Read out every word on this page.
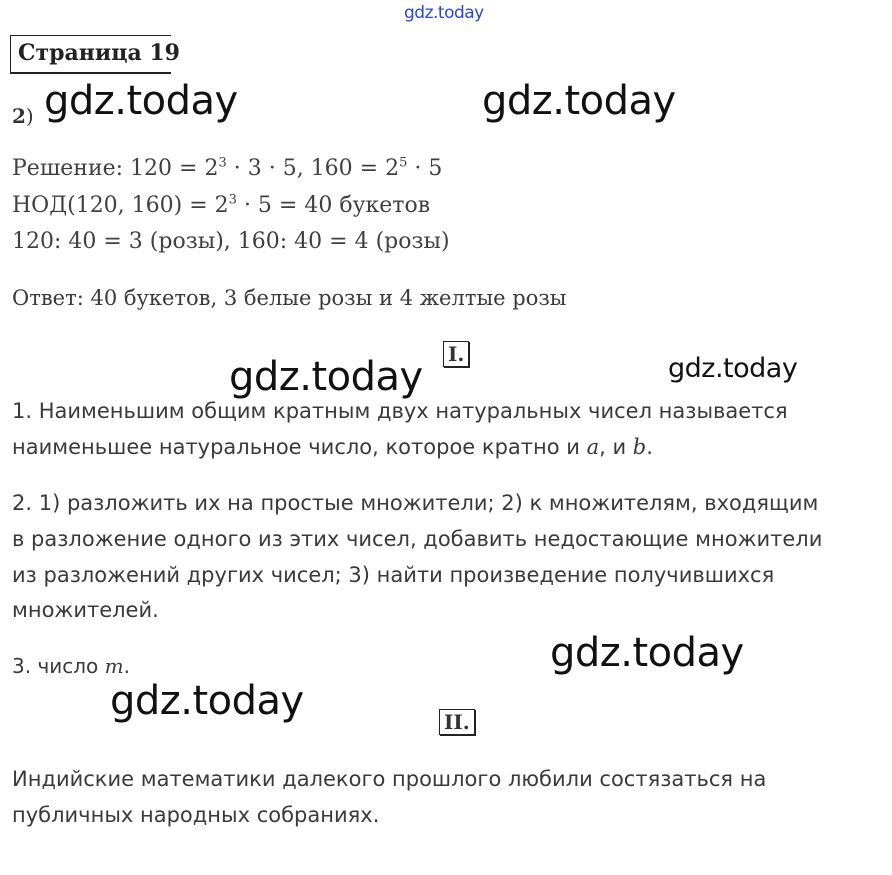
gdz.today
Страница 19
2) gdz.today	gdz.today
Решение: $120 = 2^3 \cdot 3 \cdot 5$, $160 = 2^5 \cdot 5$
НОД(120, $160) = 2^3 \cdot 5 = 40$ букетов
120: 40 = 3 (розы), 160: 40 = 4 (розы)
Ответ: 40 букетов, 3 белые розы и 4 желтые розы
I.
gdz.today	gdz.today
1. Наименьшим общим кратным двух натуральных чисел называется
наименьшее натуральное число, которое кратно и a, и b.
2. 1) разложить их на простые множители; 2) к множителям, входящим
в разложение одного из этих чисел, добавить недостающие множители
из разложений других чисел; 3) найти произведение получившихся
множителей.
3. число m.	gdz.today
gdz.today	II.
Индийские математики далекого прошлого любили состязаться на
публичных народных собраниях.
